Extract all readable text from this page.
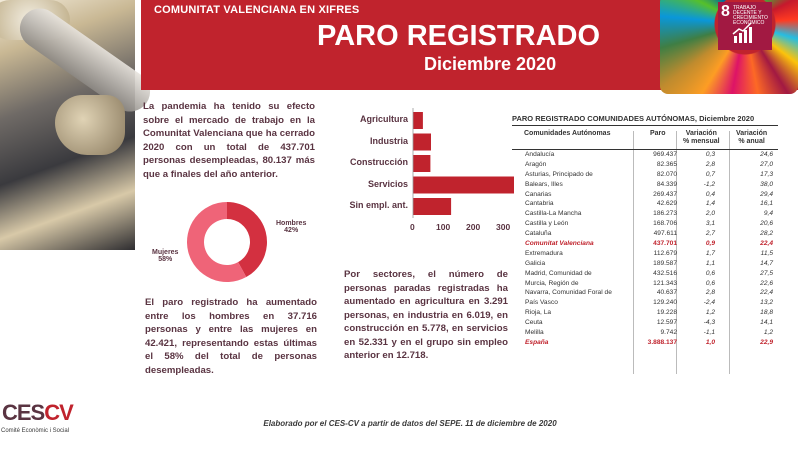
COMUNITAT VALENCIANA EN XIFRES
PARO REGISTRADO
Diciembre 2020
8 TRABAJO DECENTE Y CRECIMIENTO ECONÓMICO
La pandemia ha tenido su efecto sobre el mercado de trabajo en la Comunitat Valenciana que ha cerrado 2020 con un total de 437.701 personas desempleadas, 80.137 más que a finales del año anterior.
Hombres
42%
Mujeres
58%
El paro registrado ha aumentado entre los hombres en 37.716 personas y entre las mujeres en 42.421, representando estas últimas el 58% del total de personas desempleadas.
Agricultura
Industria
Construcción
Servicios
Sin empl. ant.
0	100 200 300
Por sectores, el número de personas paradas registradas ha aumentado en agricultura en 3.291 personas, en industria en 6.019, en construcción en 5.778, en servicios en 52.331 y en el grupo sin empleo anterior en 12.718.
PARO REGISTRADO COMUNIDADES AUTÓNOMAS, Diciembre 2020
Comunidades Autónomas	Paro	Variación
% mensual
Variación
% anual
Andalucía	969.437	0,3	24,6
Aragón	82.365	2,8	27,0
Asturias, Principado de	82.070	0,7	17,3
Balears, Illes	84.339	-1,2	38,0
Canarias	269.437	0,4	29,4
Cantabria	42.629	1,4	16,1
Castilla-La Mancha	186.273	2,0	9,4
Castilla y León	168.706	3,1	20,6
Cataluña	497.611	2,7	28,2
Comunitat Valenciana	437.701	0,9	22,4
Extremadura	112.679	1,7	11,5
Galicia	189.587	1,1	14,7
Madrid, Comunidad de	432.516	0,6	27,5
Murcia, Región de	121.343	0,6	22,6
Navarra, Comunidad Foral de	40.637	2,8	22,4
País Vasco	129.240	-2,4	13,2
Rioja, La	19.228	1,2	18,8
Ceuta	12.597	-4,3	14,1
Melilla	9.742	-1,1	1,2
España	3.888.137	1,0	22,9
Elaborado por el CES-CV a partir de datos del SEPE. 11 de diciembre de 2020
CESCV
Comité Econòmic i Social
